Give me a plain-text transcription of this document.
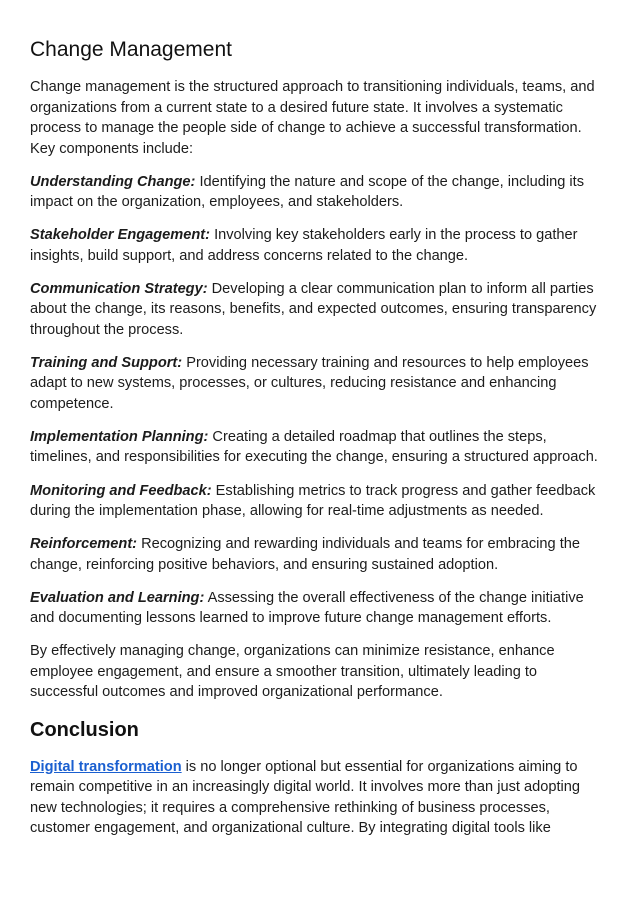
Change Management

Change management is the structured approach to transitioning individuals, teams, and organizations from a current state to a desired future state. It involves a systematic process to manage the people side of change to achieve a successful transformation. Key components include:

Understanding Change: Identifying the nature and scope of the change, including its impact on the organization, employees, and stakeholders.

Stakeholder Engagement: Involving key stakeholders early in the process to gather insights, build support, and address concerns related to the change.

Communication Strategy: Developing a clear communication plan to inform all parties about the change, its reasons, benefits, and expected outcomes, ensuring transparency throughout the process.

Training and Support: Providing necessary training and resources to help employees adapt to new systems, processes, or cultures, reducing resistance and enhancing competence.

Implementation Planning: Creating a detailed roadmap that outlines the steps, timelines, and responsibilities for executing the change, ensuring a structured approach.

Monitoring and Feedback: Establishing metrics to track progress and gather feedback during the implementation phase, allowing for real-time adjustments as needed.

Reinforcement: Recognizing and rewarding individuals and teams for embracing the change, reinforcing positive behaviors, and ensuring sustained adoption.

Evaluation and Learning: Assessing the overall effectiveness of the change initiative and documenting lessons learned to improve future change management efforts.

By effectively managing change, organizations can minimize resistance, enhance employee engagement, and ensure a smoother transition, ultimately leading to successful outcomes and improved organizational performance.

Conclusion

Digital transformation is no longer optional but essential for organizations aiming to remain competitive in an increasingly digital world. It involves more than just adopting new technologies; it requires a comprehensive rethinking of business processes, customer engagement, and organizational culture. By integrating digital tools like
